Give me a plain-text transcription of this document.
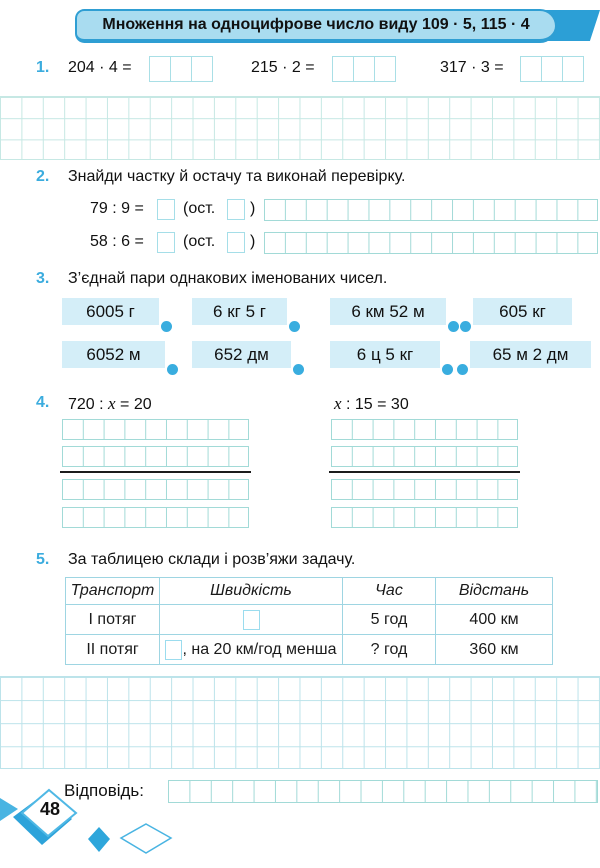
Множення на одноцифрове число виду 109 · 5, 115 · 4
1. 204 · 4 =	215 · 2 =	317 · 3 =
2. Знайди частку й остачу та виконай перевірку.
79 : 9 = (ост. )
58 : 6 = (ост. )
3. З’єднай пари однакових іменованих чисел.
6005 г	6 кг 5 г	6 км 52 м	605 кг
6052 м	652 дм	6 ц 5 кг	65 м 2 дм
4. 720 : x = 20	x : 15 = 30
5. За таблицею склади і розв’яжи задачу.
Транспорт	Швидкість	Час	Відстань
І потяг		5 год	400 км
ІІ потяг	, на 20 км/год менша	? год	360 км
Відповідь:
48
